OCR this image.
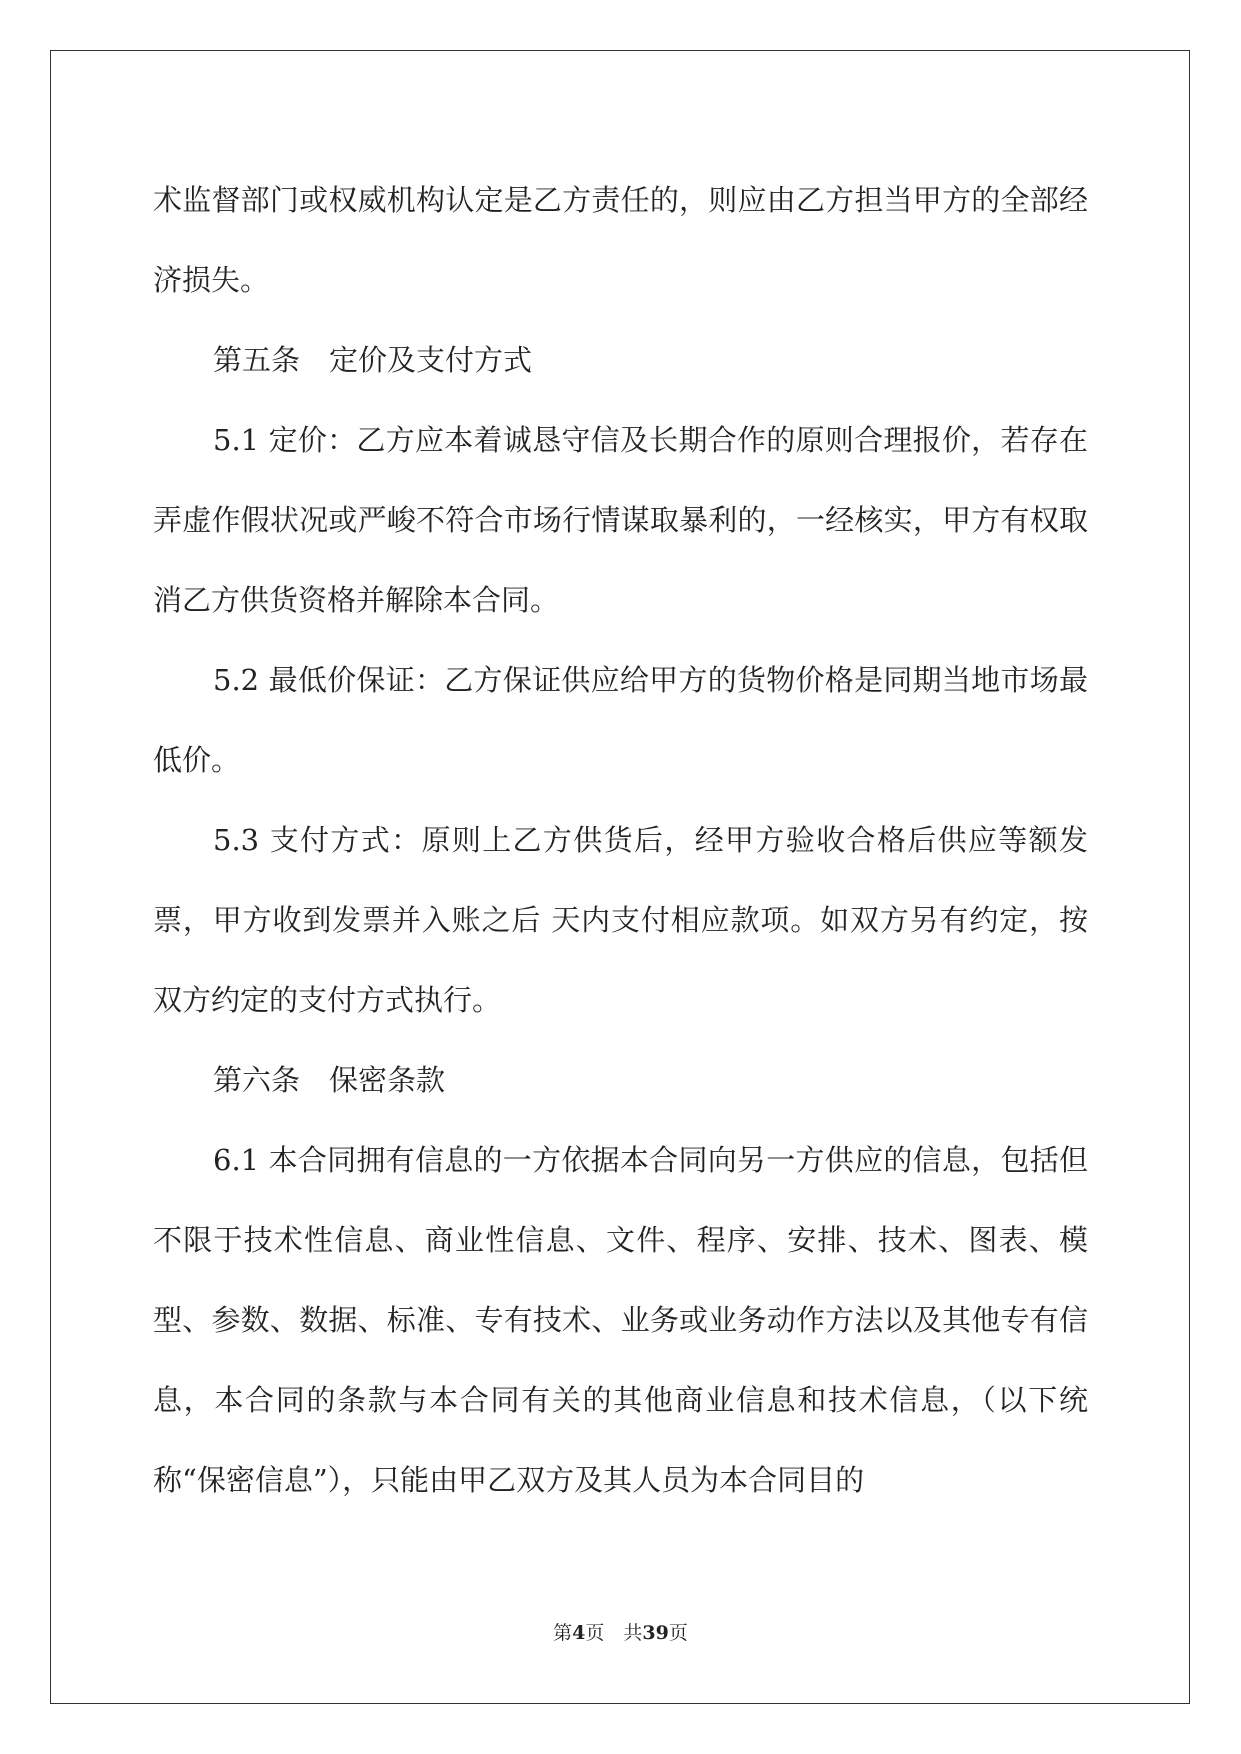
术监督部门或权威机构认定是乙方责任的，则应由乙方担当甲方的全部经济损失。

第五条　定价及支付方式

5.1 定价：乙方应本着诚恳守信及长期合作的原则合理报价，若存在弄虚作假状况或严峻不符合市场行情谋取暴利的，一经核实，甲方有权取消乙方供货资格并解除本合同。

5.2 最低价保证：乙方保证供应给甲方的货物价格是同期当地市场最低价。

5.3 支付方式：原则上乙方供货后，经甲方验收合格后供应等额发票，甲方收到发票并入账之后 天内支付相应款项。如双方另有约定，按双方约定的支付方式执行。

第六条　保密条款

6.1 本合同拥有信息的一方依据本合同向另一方供应的信息，包括但不限于技术性信息、商业性信息、文件、程序、安排、技术、图表、模型、参数、数据、标准、专有技术、业务或业务动作方法以及其他专有信息，本合同的条款与本合同有关的其他商业信息和技术信息，（以下统称“保密信息”），只能由甲乙双方及其人员为本合同目的

第4页　共39页
